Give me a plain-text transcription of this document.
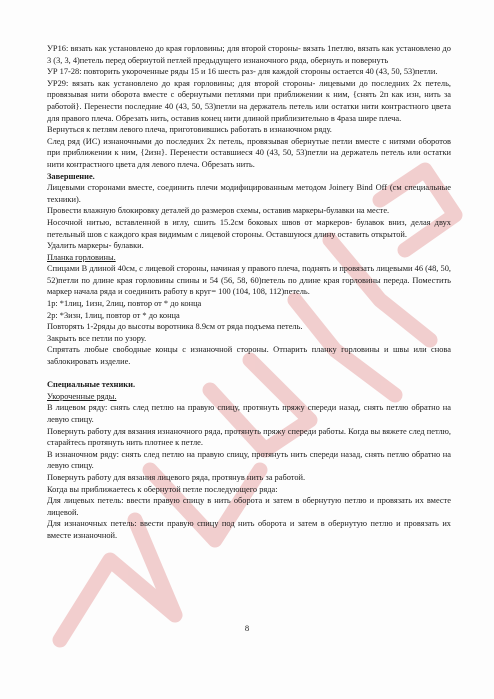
УР16: вязать как установлено до края горловины; для второй стороны- вязать 1петлю, вязать как установлено до 3 (3, 3, 4)петель перед обернутой петлей предыдущего изнаночного ряда, обернуть и повернуть

УР 17-28: повторить укороченные ряды 15 и 16 шесть раз- для каждой стороны остается 40 (43, 50, 53)петли.

УР29: вязать как установлено до края горловины; для второй стороны- лицевыми до последних 2х петель, провязывая нити оборота вместе с обернутыми петлями при приближении к ним, {снять 2п как изн, нить за работой}. Перенести последние 40 (43, 50, 53)петли на держатель петель или остатки нити контрастного цвета для правого плеча. Обрезать нить, оставив конец нити длиной приблизительно в 4раза шире плеча.

Вернуться к петлям левого плеча, приготовившись работать в изнаночном ряду.

След ряд (ИС) изнаночными до последних 2х петель, провязывая обернутые петли вместе с нитями оборотов при приближении к ним, {2изн}. Перенести оставшиеся 40 (43, 50, 53)петли на держатель петель или остатки нити контрастного цвета для левого плеча. Обрезать нить.

Завершение.

Лицевыми сторонами вместе, соединить плечи модифицированным методом Joinery Bind Off (см специальные техники).

Провести влажную блокировку деталей до размеров схемы, оставив маркеры-булавки на месте.

Носочной нитью, вставленной в иглу, сшить 15.2см боковых швов от маркеров- булавок вниз, делая двух петельный шов с каждого края видимым с лицевой стороны. Оставшуюся длину оставить открытой.

Удалить маркеры- булавки.

Планка горловины.

Спицами В длиной 40см, с лицевой стороны, начиная у правого плеча, поднять и провязать лицевыми 46 (48, 50, 52)петли по длине края горловины спины и 54 (56, 58, 60)петель по длине края горловины переда. Поместить маркер начала ряда и соединить работу в круг= 100 (104, 108, 112)петель.

1р: *1лиц, 1изн, 2лиц, повтор от * до конца

2р: *3изн, 1лиц, повтор от * до конца

Повторять 1-2ряды до высоты воротника 8.9см от ряда подъема петель.

Закрыть все петли по узору.

Спрятать любые свободные концы с изнаночной стороны. Отпарить планку горловины и швы или снова заблокировать изделие.

Специальные техники.

Укороченные ряды.

В лицевом ряду: снять след петлю на правую спицу, протянуть пряжу спереди назад, снять петлю обратно на левую спицу.

Повернуть работу для вязания изнаночного ряда, протянуть пряжу спереди работы. Когда вы вяжете след петлю, старайтесь протянуть нить плотнее к петле.

В изнаночном ряду: снять след петлю на правую спицу, протянуть нить спереди назад, снять петлю обратно на левую спицу.

Повернуть работу для вязания лицевого ряда, протянув нить за работой.

Когда вы приближаетесь к обернутой петле последующего ряда:

Для лицевых петель: ввести правую спицу в нить оборота и затем в обернутую петлю и провязать их вместе лицевой.

Для изнаночных петель: ввести правую спицу под нить оборота и затем в обернутую петлю и провязать их вместе изнаночной.

8
